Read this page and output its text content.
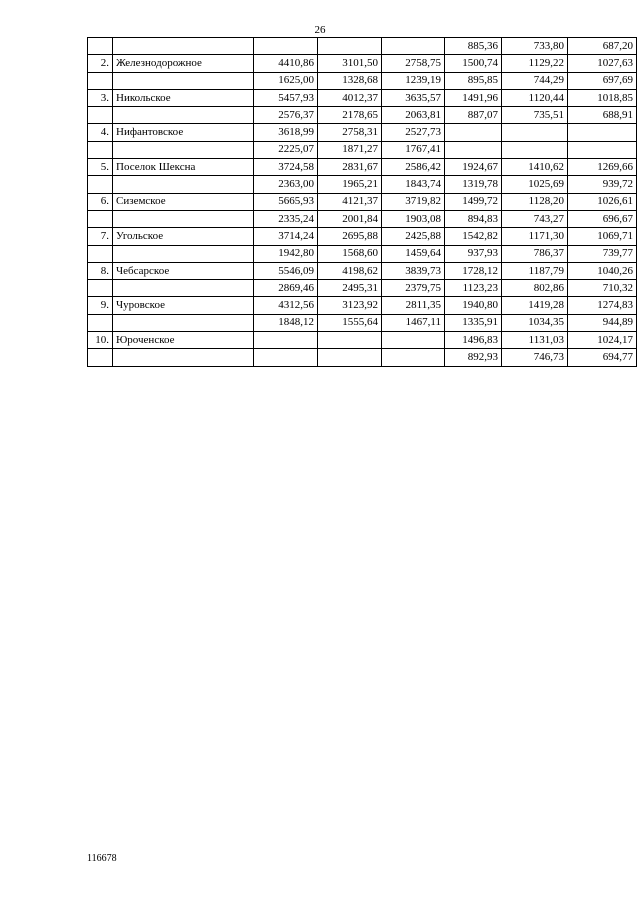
26
					885,36	733,80	687,20
2.	Железнодорожное	4410,86	3101,50	2758,75	1500,74	1129,22	1027,63
		1625,00	1328,68	1239,19	895,85	744,29	697,69
3.	Никольское	5457,93	4012,37	3635,57	1491,96	1120,44	1018,85
		2576,37	2178,65	2063,81	887,07	735,51	688,91
4.	Нифантовское	3618,99	2758,31	2527,73			
		2225,07	1871,27	1767,41			
5.	Поселок Шексна	3724,58	2831,67	2586,42	1924,67	1410,62	1269,66
		2363,00	1965,21	1843,74	1319,78	1025,69	939,72
6.	Сиземское	5665,93	4121,37	3719,82	1499,72	1128,20	1026,61
		2335,24	2001,84	1903,08	894,83	743,27	696,67
7.	Угольское	3714,24	2695,88	2425,88	1542,82	1171,30	1069,71
		1942,80	1568,60	1459,64	937,93	786,37	739,77
8.	Чебсарское	5546,09	4198,62	3839,73	1728,12	1187,79	1040,26
		2869,46	2495,31	2379,75	1123,23	802,86	710,32
9.	Чуровское	4312,56	3123,92	2811,35	1940,80	1419,28	1274,83
		1848,12	1555,64	1467,11	1335,91	1034,35	944,89
10.	Юроченское				1496,83	1131,03	1024,17
					892,93	746,73	694,77
116678
